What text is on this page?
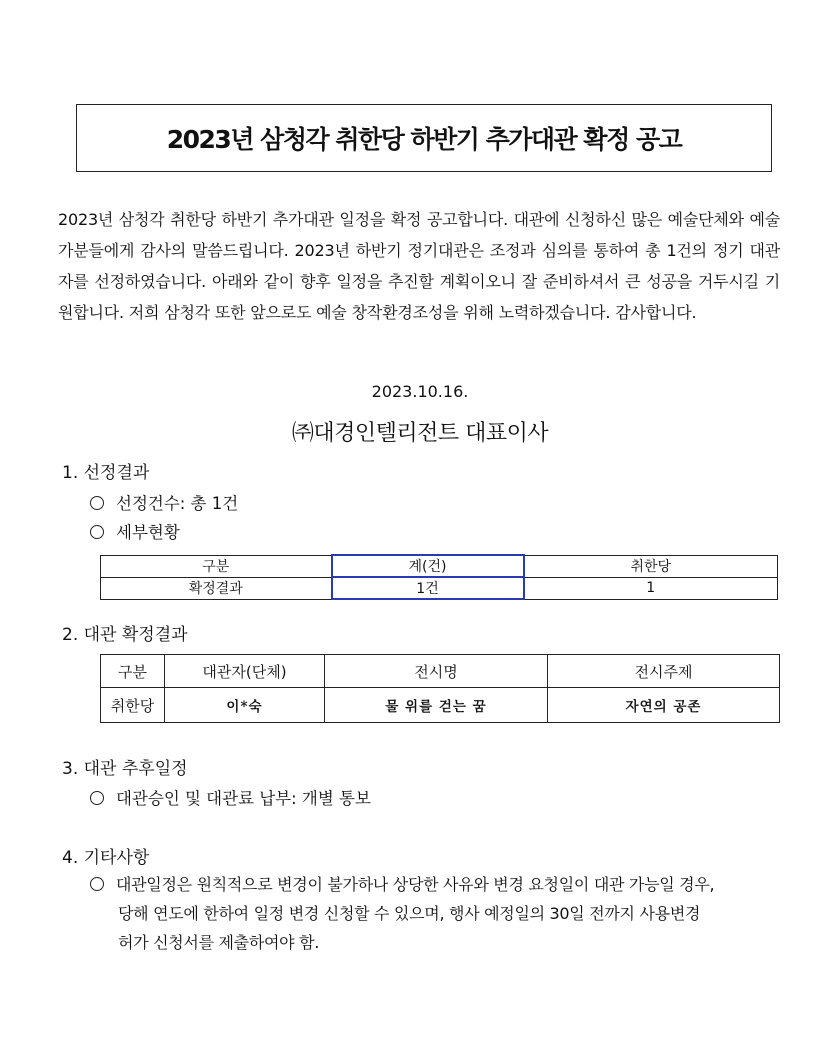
2023년 삼청각 취한당 하반기 추가대관 확정 공고
2023년 삼청각 취한당 하반기 추가대관 일정을 확정 공고합니다. 대관에 신청하신 많은 예술단체와 예술가분들에게 감사의 말씀드립니다. 2023년 하반기 정기대관은 조정과 심의를 통하여 총 1건의 정기 대관자를 선정하였습니다. 아래와 같이 향후 일정을 추진할 계획이오니 잘 준비하셔서 큰 성공을 거두시길 기원합니다. 저희 삼청각 또한 앞으로도 예술 창작환경조성을 위해 노력하겠습니다. 감사합니다.
2023.10.16.
㈜대경인텔리전트 대표이사
1. 선정결과
선정건수: 총 1건
세부현황
구분	계(건)	취한당
확정결과	1건	1
2. 대관 확정결과
구분	대관자(단체)	전시명	전시주제
취한당	이*숙	물 위를 걷는 꿈	자연의 공존
3. 대관 추후일정
대관승인 및 대관료 납부: 개별 통보
4. 기타사항
대관일정은 원칙적으로 변경이 불가하나 상당한 사유와 변경 요청일이 대관 가능일 경우,
당해 연도에 한하여 일정 변경 신청할 수 있으며, 행사 예정일의 30일 전까지 사용변경
허가 신청서를 제출하여야 함.
